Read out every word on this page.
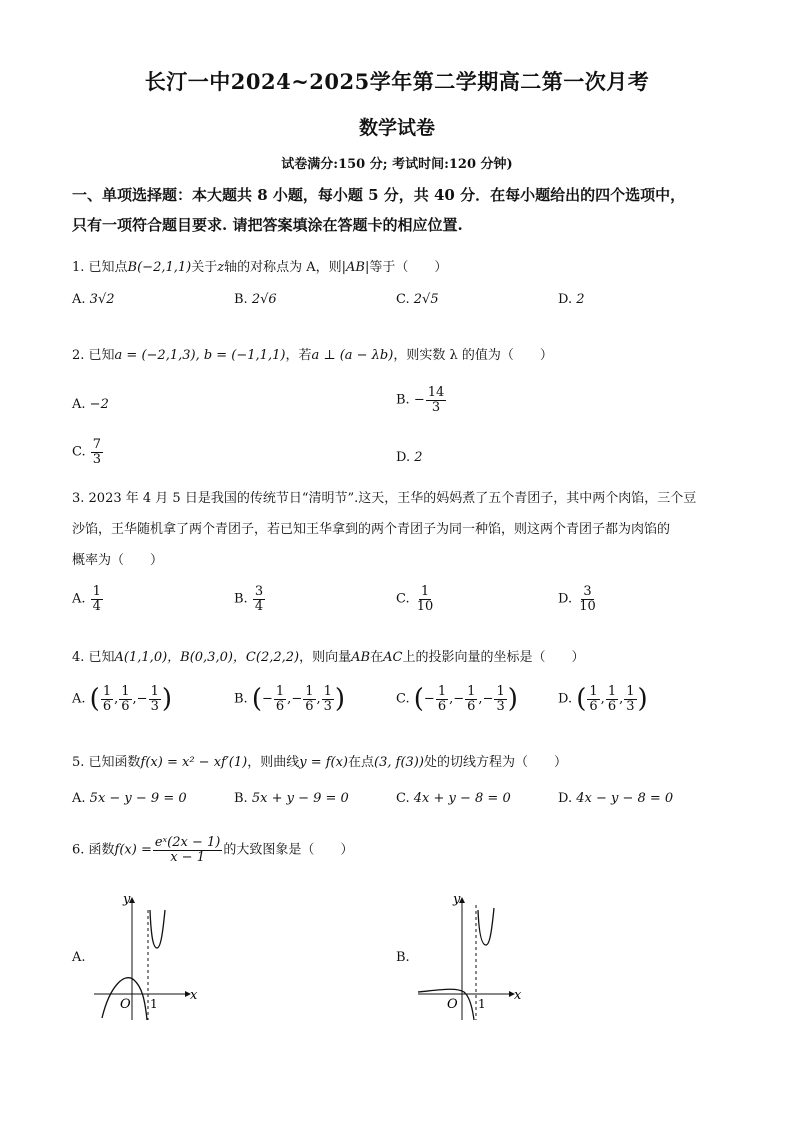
长汀一中2024~2025学年第二学期高二第一次月考
数学试卷
试卷满分:150 分; 考试时间:120 分钟)
一、单项选择题：本大题共 8 小题，每小题 5 分，共 40 分．在每小题给出的四个选项中，
只有一项符合题目要求. 请把答案填涂在答题卡的相应位置.
1. 已知点B(−2,1,1)关于z轴的对称点为 A，则|AB|等于（　　）
A. 3√2	B. 2√6	C. 2√5	D. 2
2. 已知a = (−2,1,3), b = (−1,1,1)，若a ⊥ (a − λb)，则实数 λ 的值为（　　）
A. −2	B. − $\frac{14}{3}$
C. $\frac{7}{3}$	D. 2
3. 2023 年 4 月 5 日是我国的传统节日“清明节”.这天，王华的妈妈煮了五个青团子，其中两个肉馅，三个豆
沙馅，王华随机拿了两个青团子，若已知王华拿到的两个青团子为同一种馅，则这两个青团子都为肉馅的
概率为（　　）
A. $\frac{1}{4}$	B. $\frac{3}{4}$	C. $\frac{1}{10}$	D. $\frac{3}{10}$
4. 已知A(1,1,0)，B(0,3,0)，C(2,2,2)，则向量AB在AC上的投影向量的坐标是（　　）
A. ( $\frac{1}{6}$ , $\frac{1}{6}$ ,− $\frac{1}{3}$ )	B. (− $\frac{1}{6}$ ,− $\frac{1}{6}$ , $\frac{1}{3}$ )	C. (− $\frac{1}{6}$ ,− $\frac{1}{6}$ ,− $\frac{1}{3}$ )	D. ( $\frac{1}{6}$ , $\frac{1}{6}$ , $\frac{1}{3}$ )
5. 已知函数f(x) = x² − xf′(1)，则曲线y = f(x)在点(3, f(3))处的切线方程为（　　）
A. 5x − y − 9 = 0	B. 5x + y − 9 = 0	C. 4x + y − 8 = 0	D. 4x − y − 8 = 0
6. 函数$f(x) = \frac{\text{eˣ(2x − 1)}}{x - 1}$ 的大致图象是（　　）
A.
x
y
O 1
B.
x
y
O 1
